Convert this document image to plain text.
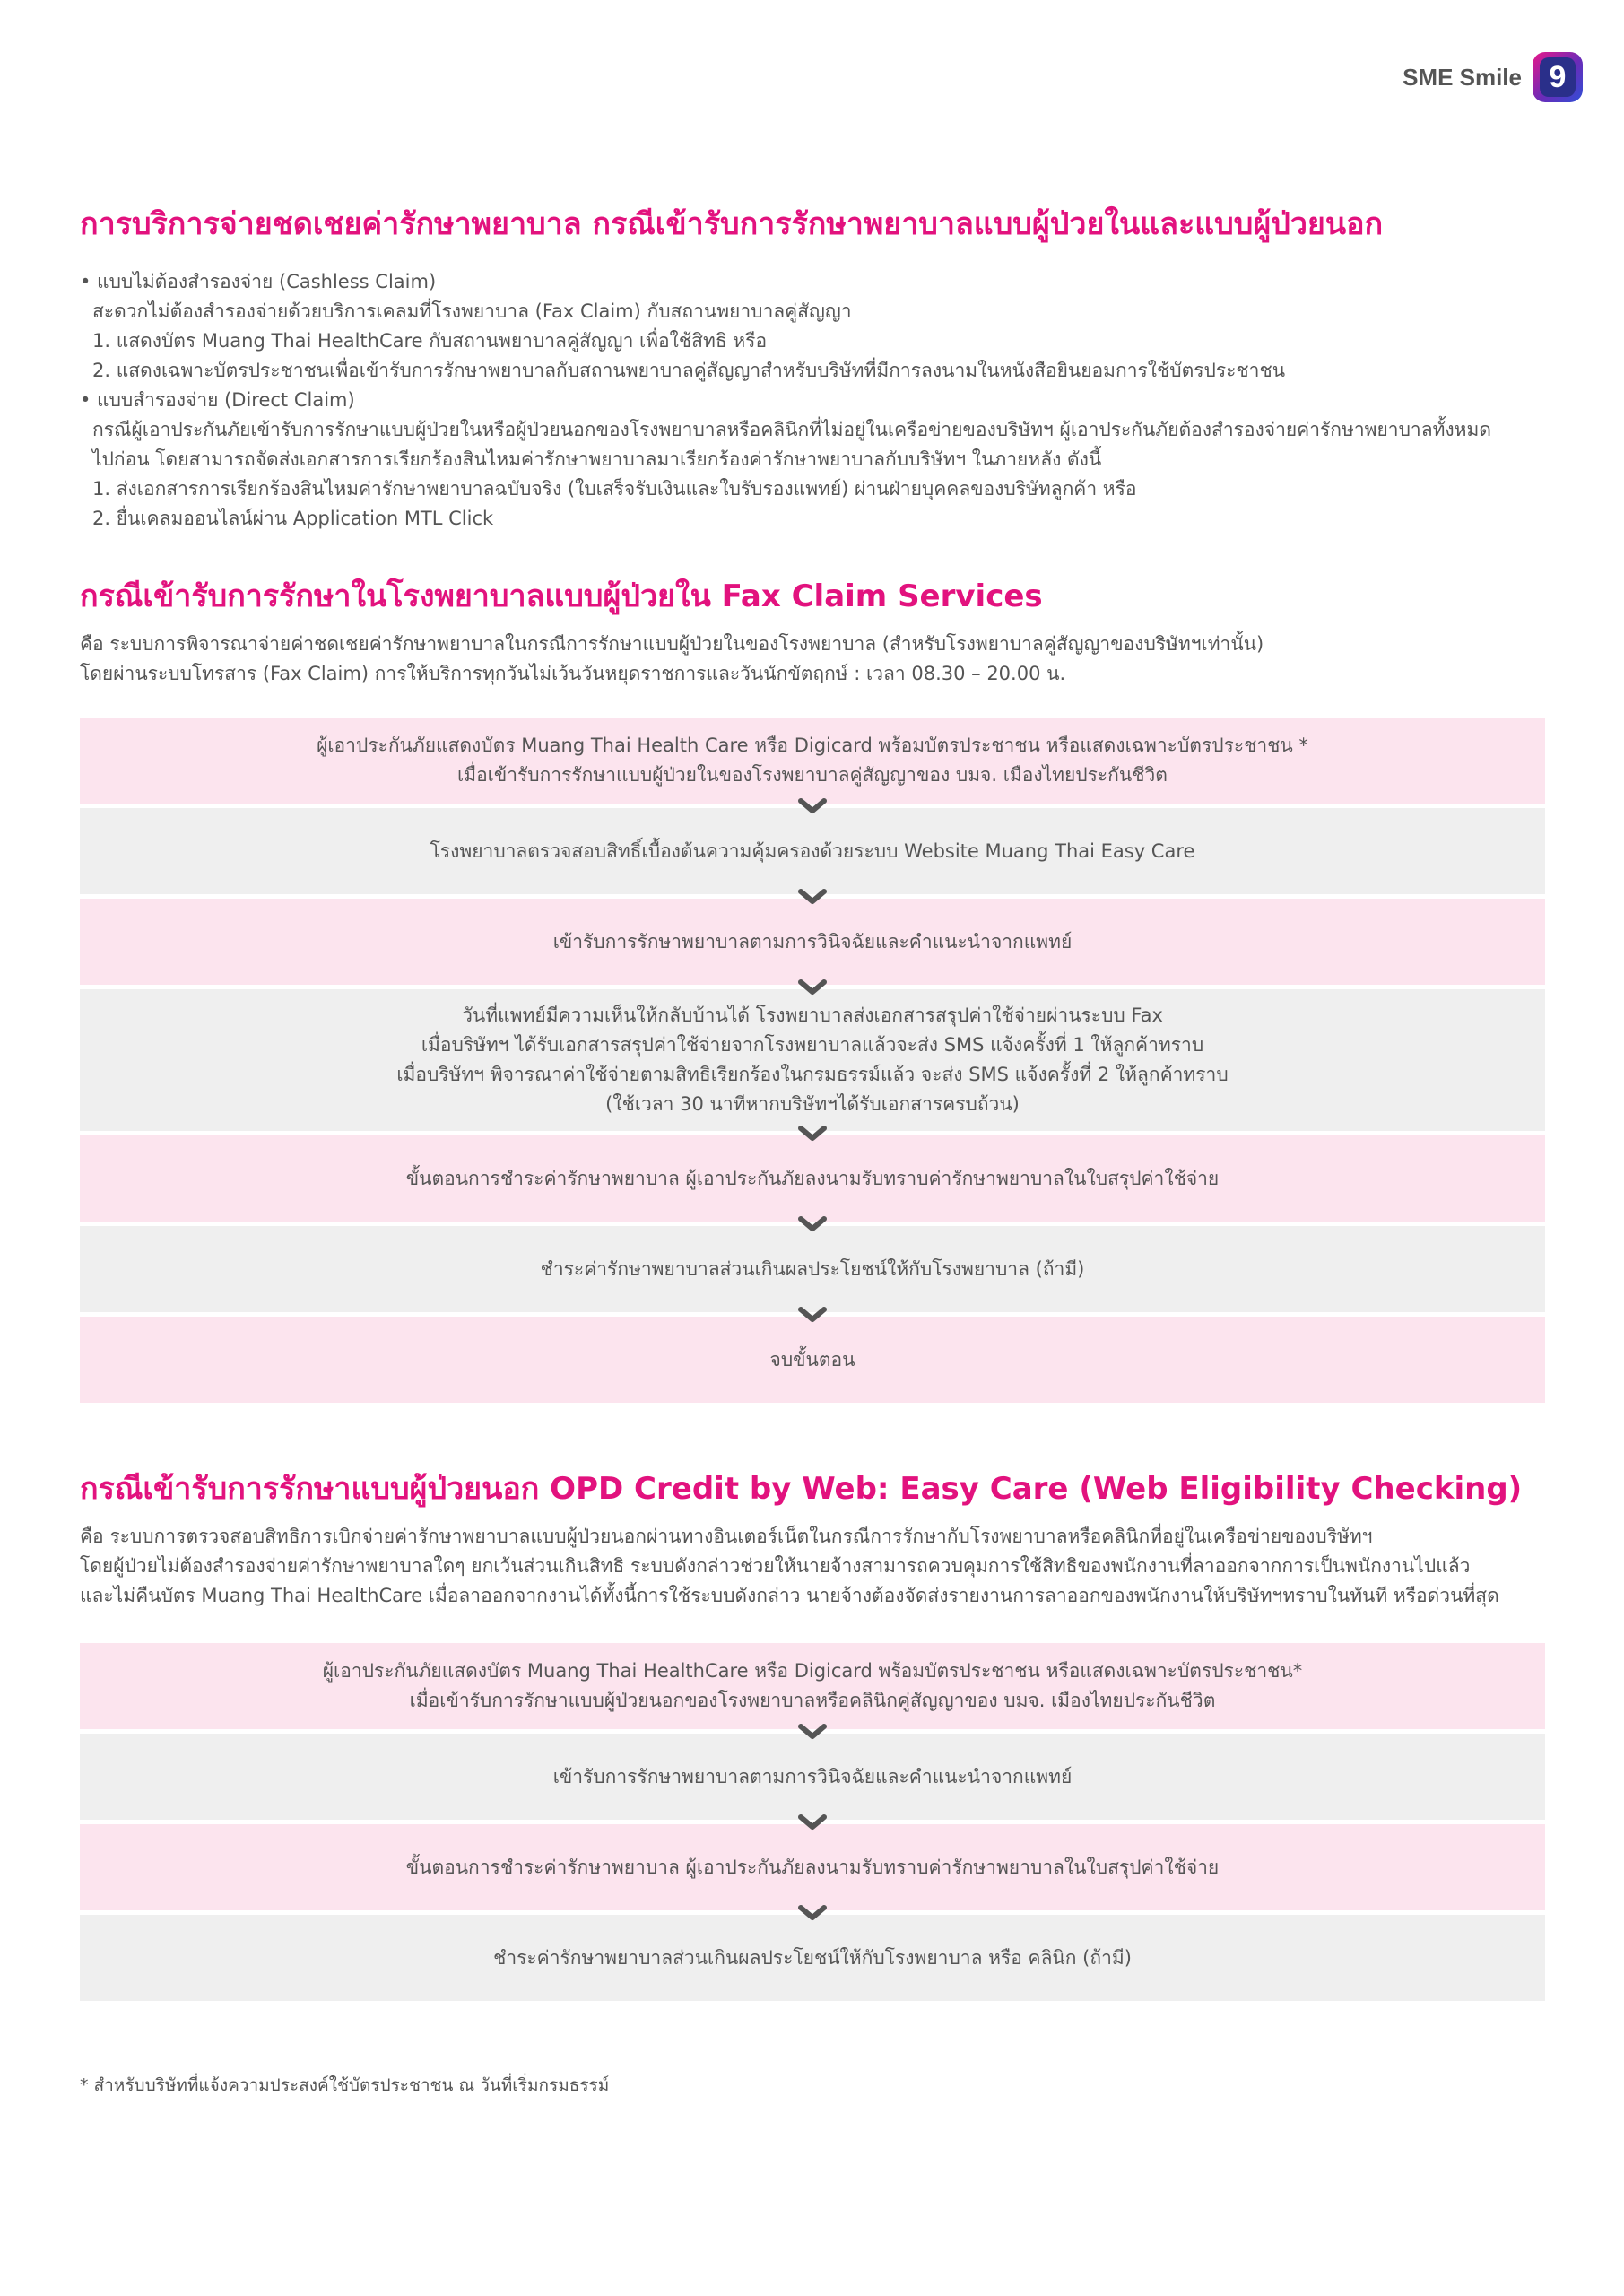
SME Smile 9
การบริการจ่ายชดเชยค่ารักษาพยาบาล กรณีเข้ารับการรักษาพยาบาลแบบผู้ป่วยในและแบบผู้ป่วยนอก
• แบบไม่ต้องสำรองจ่าย (Cashless Claim)
สะดวกไม่ต้องสำรองจ่ายด้วยบริการเคลมที่โรงพยาบาล (Fax Claim) กับสถานพยาบาลคู่สัญญา
1. แสดงบัตร Muang Thai HealthCare กับสถานพยาบาลคู่สัญญา เพื่อใช้สิทธิ หรือ
2. แสดงเฉพาะบัตรประชาชนเพื่อเข้ารับการรักษาพยาบาลกับสถานพยาบาลคู่สัญญาสำหรับบริษัทที่มีการลงนามในหนังสือยินยอมการใช้บัตรประชาชน
• แบบสำรองจ่าย (Direct Claim)
กรณีผู้เอาประกันภัยเข้ารับการรักษาแบบผู้ป่วยในหรือผู้ป่วยนอกของโรงพยาบาลหรือคลินิกที่ไม่อยู่ในเครือข่ายของบริษัทฯ ผู้เอาประกันภัยต้องสำรองจ่ายค่ารักษาพยาบาลทั้งหมด
ไปก่อน โดยสามารถจัดส่งเอกสารการเรียกร้องสินไหมค่ารักษาพยาบาลมาเรียกร้องค่ารักษาพยาบาลกับบริษัทฯ ในภายหลัง ดังนี้
1. ส่งเอกสารการเรียกร้องสินไหมค่ารักษาพยาบาลฉบับจริง (ใบเสร็จรับเงินและใบรับรองแพทย์) ผ่านฝ่ายบุคคลของบริษัทลูกค้า หรือ
2. ยื่นเคลมออนไลน์ผ่าน Application MTL Click
กรณีเข้ารับการรักษาในโรงพยาบาลแบบผู้ป่วยใน Fax Claim Services
คือ ระบบการพิจารณาจ่ายค่าชดเชยค่ารักษาพยาบาลในกรณีการรักษาแบบผู้ป่วยในของโรงพยาบาล (สำหรับโรงพยาบาลคู่สัญญาของบริษัทฯเท่านั้น)
โดยผ่านระบบโทรสาร (Fax Claim) การให้บริการทุกวันไม่เว้นวันหยุดราชการและวันนักขัตฤกษ์ : เวลา 08.30 – 20.00 น.
ผู้เอาประกันภัยแสดงบัตร Muang Thai Health Care หรือ Digicard พร้อมบัตรประชาชน หรือแสดงเฉพาะบัตรประชาชน *
เมื่อเข้ารับการรักษาแบบผู้ป่วยในของโรงพยาบาลคู่สัญญาของ บมจ. เมืองไทยประกันชีวิต
โรงพยาบาลตรวจสอบสิทธิ์เบื้องต้นความคุ้มครองด้วยระบบ Website Muang Thai Easy Care
เข้ารับการรักษาพยาบาลตามการวินิจฉัยและคำแนะนำจากแพทย์
วันที่แพทย์มีความเห็นให้กลับบ้านได้ โรงพยาบาลส่งเอกสารสรุปค่าใช้จ่ายผ่านระบบ Fax
เมื่อบริษัทฯ ได้รับเอกสารสรุปค่าใช้จ่ายจากโรงพยาบาลแล้วจะส่ง SMS แจ้งครั้งที่ 1 ให้ลูกค้าทราบ
เมื่อบริษัทฯ พิจารณาค่าใช้จ่ายตามสิทธิเรียกร้องในกรมธรรม์แล้ว จะส่ง SMS แจ้งครั้งที่ 2 ให้ลูกค้าทราบ
(ใช้เวลา 30 นาทีหากบริษัทฯได้รับเอกสารครบถ้วน)
ขั้นตอนการชำระค่ารักษาพยาบาล ผู้เอาประกันภัยลงนามรับทราบค่ารักษาพยาบาลในใบสรุปค่าใช้จ่าย
ชำระค่ารักษาพยาบาลส่วนเกินผลประโยชน์ให้กับโรงพยาบาล (ถ้ามี)
จบขั้นตอน
กรณีเข้ารับการรักษาแบบผู้ป่วยนอก OPD Credit by Web: Easy Care (Web Eligibility Checking)
คือ ระบบการตรวจสอบสิทธิการเบิกจ่ายค่ารักษาพยาบาลแบบผู้ป่วยนอกผ่านทางอินเตอร์เน็ตในกรณีการรักษากับโรงพยาบาลหรือคลินิกที่อยู่ในเครือข่ายของบริษัทฯ
โดยผู้ป่วยไม่ต้องสำรองจ่ายค่ารักษาพยาบาลใดๆ ยกเว้นส่วนเกินสิทธิ ระบบดังกล่าวช่วยให้นายจ้างสามารถควบคุมการใช้สิทธิของพนักงานที่ลาออกจากการเป็นพนักงานไปแล้ว
และไม่คืนบัตร Muang Thai HealthCare เมื่อลาออกจากงานได้ทั้งนี้การใช้ระบบดังกล่าว นายจ้างต้องจัดส่งรายงานการลาออกของพนักงานให้บริษัทฯทราบในทันที หรือด่วนที่สุด
ผู้เอาประกันภัยแสดงบัตร Muang Thai HealthCare หรือ Digicard พร้อมบัตรประชาชน หรือแสดงเฉพาะบัตรประชาชน*
เมื่อเข้ารับการรักษาแบบผู้ป่วยนอกของโรงพยาบาลหรือคลินิกคู่สัญญาของ บมจ. เมืองไทยประกันชีวิต
เข้ารับการรักษาพยาบาลตามการวินิจฉัยและคำแนะนำจากแพทย์
ขั้นตอนการชำระค่ารักษาพยาบาล ผู้เอาประกันภัยลงนามรับทราบค่ารักษาพยาบาลในใบสรุปค่าใช้จ่าย
ชำระค่ารักษาพยาบาลส่วนเกินผลประโยชน์ให้กับโรงพยาบาล หรือ คลินิก (ถ้ามี)
* สำหรับบริษัทที่แจ้งความประสงค์ใช้บัตรประชาชน ณ วันที่เริ่มกรมธรรม์
